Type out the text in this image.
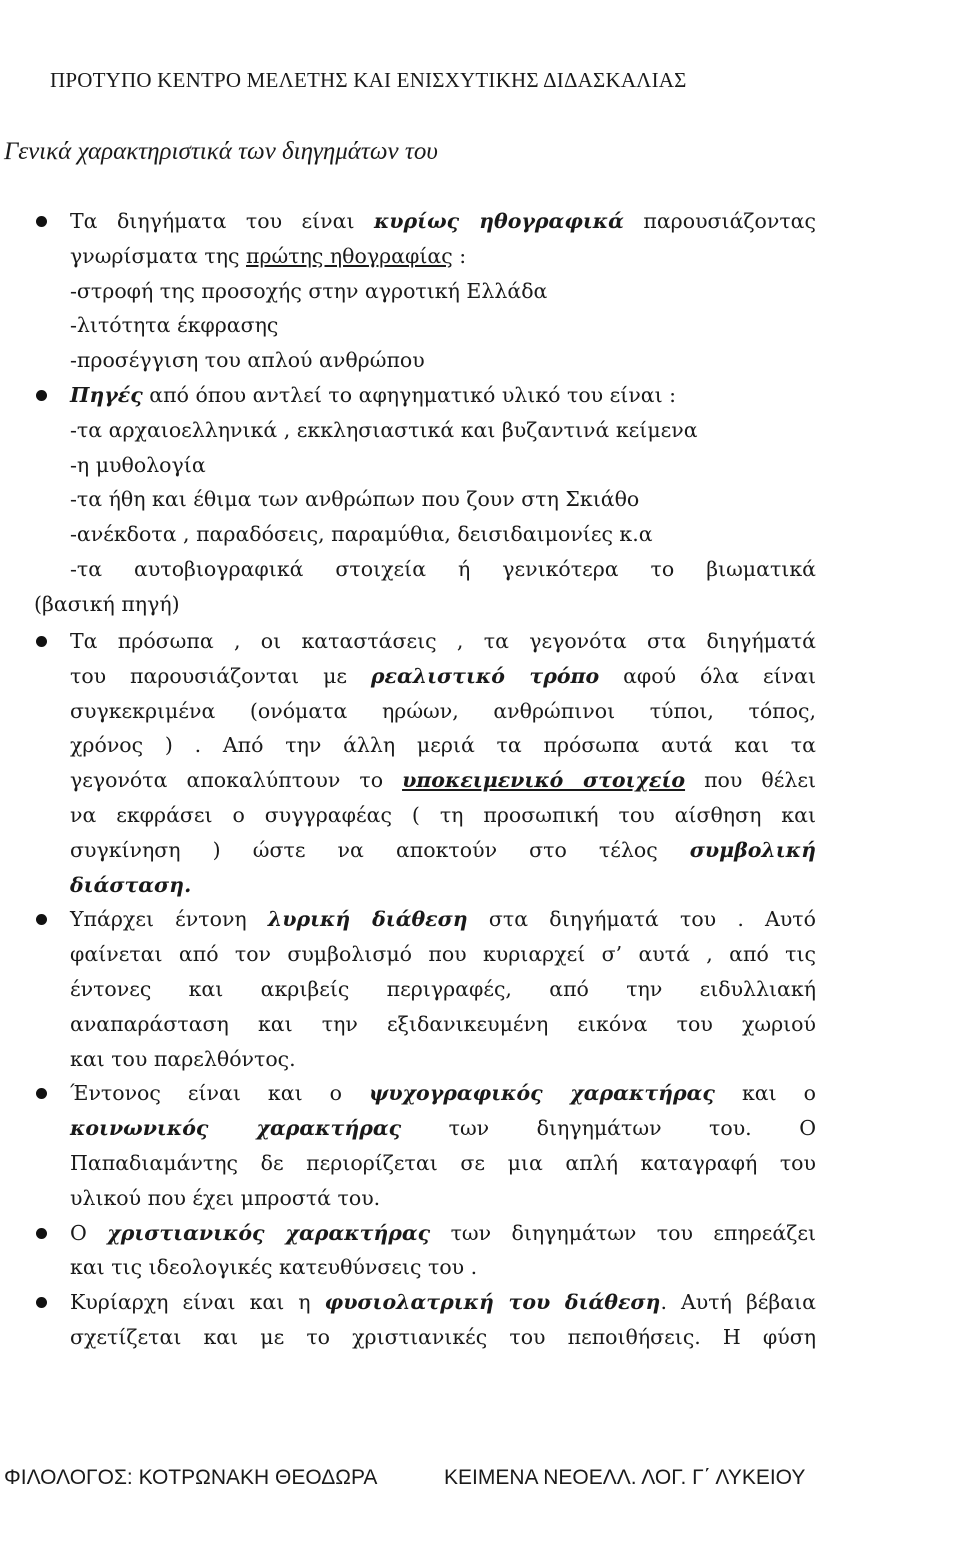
ΠΡΟΤΥΠΟ ΚΕΝΤΡΟ ΜΕΛΕΤΗΣ ΚΑΙ ΕΝΙΣΧΥΤΙΚΗΣ ΔΙΔΑΣΚΑΛΙΑΣ
Γενικά χαρακτηριστικά των διηγημάτων του
Τα διηγήματα του είναι κυρίως ηθογραφικά παρουσιάζοντας
γνωρίσματα της πρώτης ηθογραφίας :
-στροφή της προσοχής στην αγροτική Ελλάδα
-λιτότητα έκφρασης
-προσέγγιση του απλού ανθρώπου
Πηγές από όπου αντλεί το αφηγηματικό υλικό του είναι :
-τα αρχαιοελληνικά , εκκλησιαστικά και βυζαντινά κείμενα
-η μυθολογία
-τα ήθη και έθιμα των ανθρώπων που ζουν στη Σκιάθο
-ανέκδοτα , παραδόσεις, παραμύθια, δεισιδαιμονίες κ.α
-τα αυτοβιογραφικά στοιχεία ή γενικότερα το βιωματικά
(βασική πηγή)
Τα πρόσωπα , οι καταστάσεις , τα γεγονότα στα διηγήματά
του παρουσιάζονται με ρεαλιστικό τρόπο αφού όλα είναι
συγκεκριμένα (ονόματα ηρώων, ανθρώπινοι τύποι, τόπος,
χρόνος ) . Από την άλλη μεριά τα πρόσωπα αυτά και τα
γεγονότα αποκαλύπτουν το υποκειμενικό στοιχείο που θέλει
να εκφράσει ο συγγραφέας ( τη προσωπική του αίσθηση και
συγκίνηση ) ώστε να αποκτούν στο τέλος συμβολική
διάσταση.
Υπάρχει έντονη λυρική διάθεση στα διηγήματά του . Αυτό
φαίνεται από τον συμβολισμό που κυριαρχεί σ’ αυτά , από τις
έντονες και ακριβείς περιγραφές, από την ειδυλλιακή
αναπαράσταση και την εξιδανικευμένη εικόνα του χωριού
και του παρελθόντος.
Έντονος είναι και ο ψυχογραφικός χαρακτήρας και ο
κοινωνικός χαρακτήρας των διηγημάτων του. Ο
Παπαδιαμάντης δε περιορίζεται σε μια απλή καταγραφή του
υλικού που έχει μπροστά του.
Ο χριστιανικός χαρακτήρας των διηγημάτων του επηρεάζει
και τις ιδεολογικές κατευθύνσεις του .
Κυρίαρχη είναι και η φυσιολατρική του διάθεση. Αυτή βέβαια
σχετίζεται και με το χριστιανικές του πεποιθήσεις. Η φύση
ΦΙΛΟΛΟΓΟΣ: ΚΟΤΡΩΝΑΚΗ ΘΕΟΔΩΡΑ	ΚΕΙΜΕΝΑ ΝΕΟΕΛΛ. ΛΟΓ. Γ΄ ΛΥΚΕΙΟΥ
